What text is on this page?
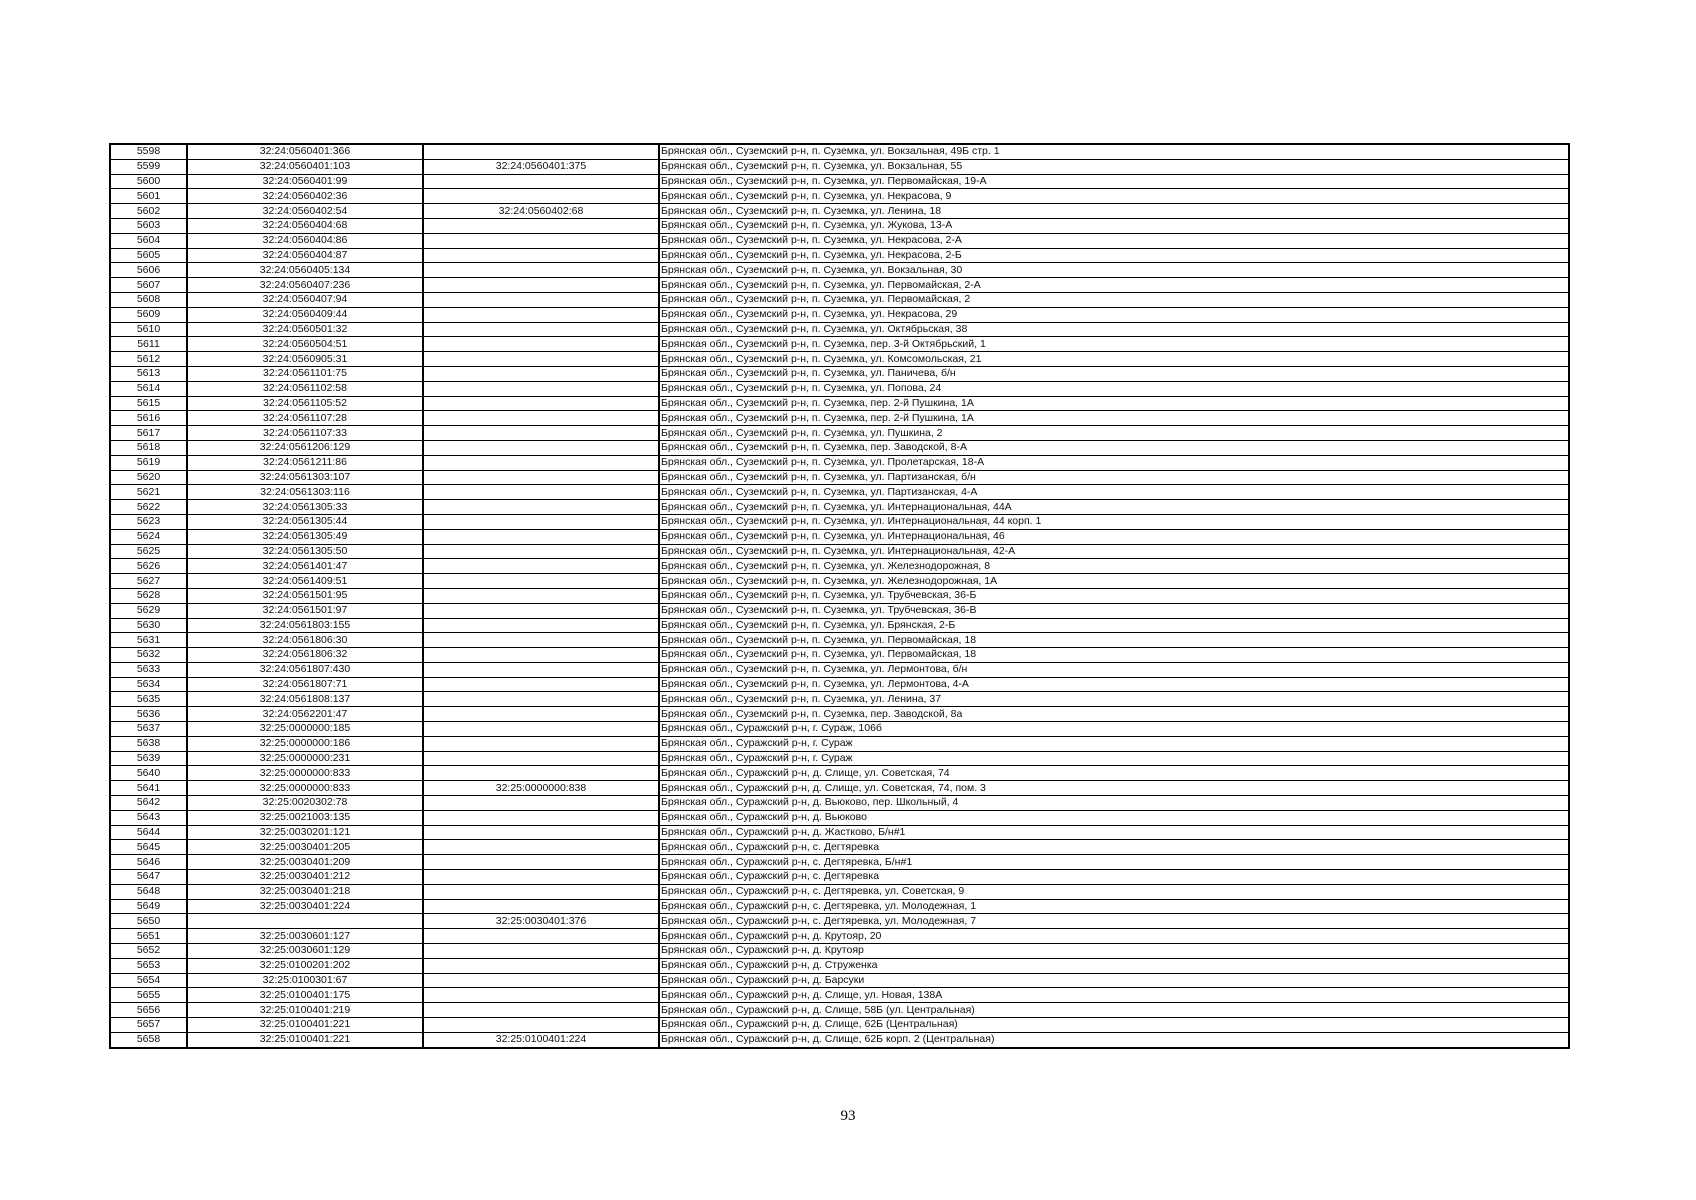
5598	32:24:0560401:366		Брянская обл., Суземский р-н, п. Суземка, ул. Вокзальная, 49Б стр. 1
5599	32:24:0560401:103	32:24:0560401:375	Брянская обл., Суземский р-н, п. Суземка, ул. Вокзальная, 55
5600	32:24:0560401:99		Брянская обл., Суземский р-н, п. Суземка, ул. Первомайская, 19-А
5601	32:24:0560402:36		Брянская обл., Суземский р-н, п. Суземка, ул. Некрасова, 9
5602	32:24:0560402:54	32:24:0560402:68	Брянская обл., Суземский р-н, п. Суземка, ул. Ленина, 18
5603	32:24:0560404:68		Брянская обл., Суземский р-н, п. Суземка, ул. Жукова, 13-А
5604	32:24:0560404:86		Брянская обл., Суземский р-н, п. Суземка, ул. Некрасова, 2-А
5605	32:24:0560404:87		Брянская обл., Суземский р-н, п. Суземка, ул. Некрасова, 2-Б
5606	32:24:0560405:134		Брянская обл., Суземский р-н, п. Суземка, ул. Вокзальная, 30
5607	32:24:0560407:236		Брянская обл., Суземский р-н, п. Суземка, ул. Первомайская, 2-А
5608	32:24:0560407:94		Брянская обл., Суземский р-н, п. Суземка, ул. Первомайская, 2
5609	32:24:0560409:44		Брянская обл., Суземский р-н, п. Суземка, ул. Некрасова, 29
5610	32:24:0560501:32		Брянская обл., Суземский р-н, п. Суземка, ул. Октябрьская, 38
5611	32:24:0560504:51		Брянская обл., Суземский р-н, п. Суземка, пер. 3-й Октябрьский, 1
5612	32:24:0560905:31		Брянская обл., Суземский р-н, п. Суземка, ул. Комсомольская, 21
5613	32:24:0561101:75		Брянская обл., Суземский р-н, п. Суземка, ул. Паничева, б/н
5614	32:24:0561102:58		Брянская обл., Суземский р-н, п. Суземка, ул. Попова, 24
5615	32:24:0561105:52		Брянская обл., Суземский р-н, п. Суземка, пер. 2-й Пушкина, 1А
5616	32:24:0561107:28		Брянская обл., Суземский р-н, п. Суземка, пер. 2-й Пушкина, 1А
5617	32:24:0561107:33		Брянская обл., Суземский р-н, п. Суземка, ул. Пушкина, 2
5618	32:24:0561206:129		Брянская обл., Суземский р-н, п. Суземка, пер. Заводской, 8-А
5619	32:24:0561211:86		Брянская обл., Суземский р-н, п. Суземка, ул. Пролетарская, 18-А
5620	32:24:0561303:107		Брянская обл., Суземский р-н, п. Суземка, ул. Партизанская, б/н
5621	32:24:0561303:116		Брянская обл., Суземский р-н, п. Суземка, ул. Партизанская, 4-А
5622	32:24:0561305:33		Брянская обл., Суземский р-н, п. Суземка, ул. Интернациональная, 44А
5623	32:24:0561305:44		Брянская обл., Суземский р-н, п. Суземка, ул. Интернациональная, 44 корп. 1
5624	32:24:0561305:49		Брянская обл., Суземский р-н, п. Суземка, ул. Интернациональная, 46
5625	32:24:0561305:50		Брянская обл., Суземский р-н, п. Суземка, ул. Интернациональная, 42-А
5626	32:24:0561401:47		Брянская обл., Суземский р-н, п. Суземка, ул. Железнодорожная, 8
5627	32:24:0561409:51		Брянская обл., Суземский р-н, п. Суземка, ул. Железнодорожная, 1А
5628	32:24:0561501:95		Брянская обл., Суземский р-н, п. Суземка, ул. Трубчевская, 36-Б
5629	32:24:0561501:97		Брянская обл., Суземский р-н, п. Суземка, ул. Трубчевская, 36-В
5630	32:24:0561803:155		Брянская обл., Суземский р-н, п. Суземка, ул. Брянская, 2-Б
5631	32:24:0561806:30		Брянская обл., Суземский р-н, п. Суземка, ул. Первомайская, 18
5632	32:24:0561806:32		Брянская обл., Суземский р-н, п. Суземка, ул. Первомайская, 18
5633	32:24:0561807:430		Брянская обл., Суземский р-н, п. Суземка, ул. Лермонтова, б/н
5634	32:24:0561807:71		Брянская обл., Суземский р-н, п. Суземка, ул. Лермонтова, 4-А
5635	32:24:0561808:137		Брянская обл., Суземский р-н, п. Суземка, ул. Ленина, 37
5636	32:24:0562201:47		Брянская обл., Суземский р-н, п. Суземка, пер. Заводской, 8а
5637	32:25:0000000:185		Брянская обл., Суражский р-н, г. Сураж, 106б
5638	32:25:0000000:186		Брянская обл., Суражский р-н, г. Сураж
5639	32:25:0000000:231		Брянская обл., Суражский р-н, г. Сураж
5640	32:25:0000000:833		Брянская обл., Суражский р-н, д. Слище, ул. Советская, 74
5641	32:25:0000000:833	32:25:0000000:838	Брянская обл., Суражский р-н, д. Слище, ул. Советская, 74, пом. 3
5642	32:25:0020302:78		Брянская обл., Суражский р-н, д. Вьюково, пер. Школьный, 4
5643	32:25:0021003:135		Брянская обл., Суражский р-н, д. Вьюково
5644	32:25:0030201:121		Брянская обл., Суражский р-н, д. Жастково, Б/н#1
5645	32:25:0030401:205		Брянская обл., Суражский р-н, с. Дегтяревка
5646	32:25:0030401:209		Брянская обл., Суражский р-н, с. Дегтяревка, Б/н#1
5647	32:25:0030401:212		Брянская обл., Суражский р-н, с. Дегтяревка
5648	32:25:0030401:218		Брянская обл., Суражский р-н, с. Дегтяревка, ул. Советская, 9
5649	32:25:0030401:224		Брянская обл., Суражский р-н, с. Дегтяревка, ул. Молодежная, 1
5650		32:25:0030401:376	Брянская обл., Суражский р-н, с. Дегтяревка, ул. Молодежная, 7
5651	32:25:0030601:127		Брянская обл., Суражский р-н, д. Крутояр, 20
5652	32:25:0030601:129		Брянская обл., Суражский р-н, д. Крутояр
5653	32:25:0100201:202		Брянская обл., Суражский р-н, д. Струженка
5654	32:25:0100301:67		Брянская обл., Суражский р-н, д. Барсуки
5655	32:25:0100401:175		Брянская обл., Суражский р-н, д. Слище, ул. Новая, 138А
5656	32:25:0100401:219		Брянская обл., Суражский р-н, д. Слище, 58Б (ул. Центральная)
5657	32:25:0100401:221		Брянская обл., Суражский р-н, д. Слище, 62Б (Центральная)
5658	32:25:0100401:221	32:25:0100401:224	Брянская обл., Суражский р-н, д. Слище, 62Б корп. 2 (Центральная)
93
